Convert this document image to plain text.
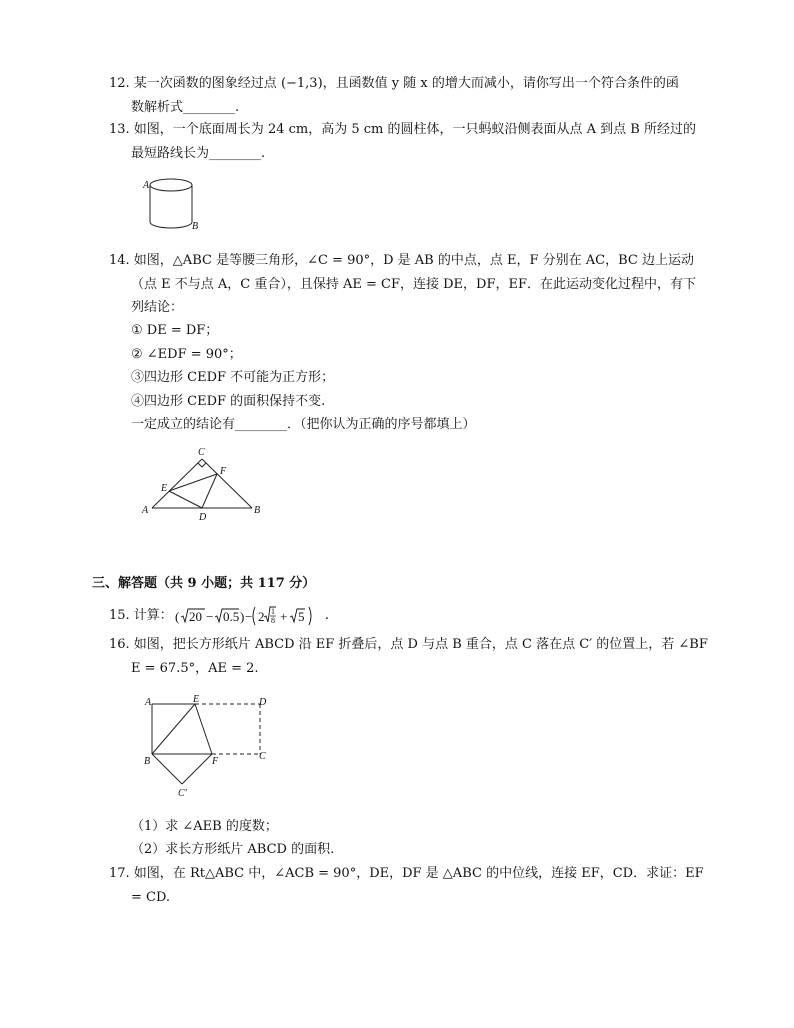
12. 某一次函数的图象经过点 (−1,3)，且函数值 y 随 x 的增大而减小，请你写出一个符合条件的函
数解析式________.
13. 如图，一个底面周长为 24 cm，高为 5 cm 的圆柱体，一只蚂蚁沿侧表面从点 A 到点 B 所经过的
最短路线长为________.
A
B
14. 如图，△ABC 是等腰三角形，∠C = 90°，D 是 AB 的中点，点 E，F 分别在 AC，BC 边上运动
（点 E 不与点 A，C 重合），且保持 AE = CF，连接 DE，DF，EF．在此运动变化过程中，有下
列结论：
① DE = DF；
② ∠EDF = 90°；
③四边形 CEDF 不可能为正方形；
④四边形 CEDF 的面积保持不变.
一定成立的结论有________．（把你认为正确的序号都填上）
A	B
C
D
E
F
三、解答题（共 9 小题；共 117 分）
15. 计算： ( 20 − 0.5 ) − 2 1
8 + 5 .
16. 如图，把长方形纸片 ABCD 沿 EF 折叠后，点 D 与点 B 重合，点 C 落在点 C′ 的位置上，若 ∠BF
E = 67.5°，AE = 2.
A	E	D
B	F	C
C′
（1）求 ∠AEB 的度数；
（2）求长方形纸片 ABCD 的面积.
17. 如图，在 Rt△ABC 中，∠ACB = 90°，DE，DF 是 △ABC 的中位线，连接 EF，CD．求证：EF
= CD.
